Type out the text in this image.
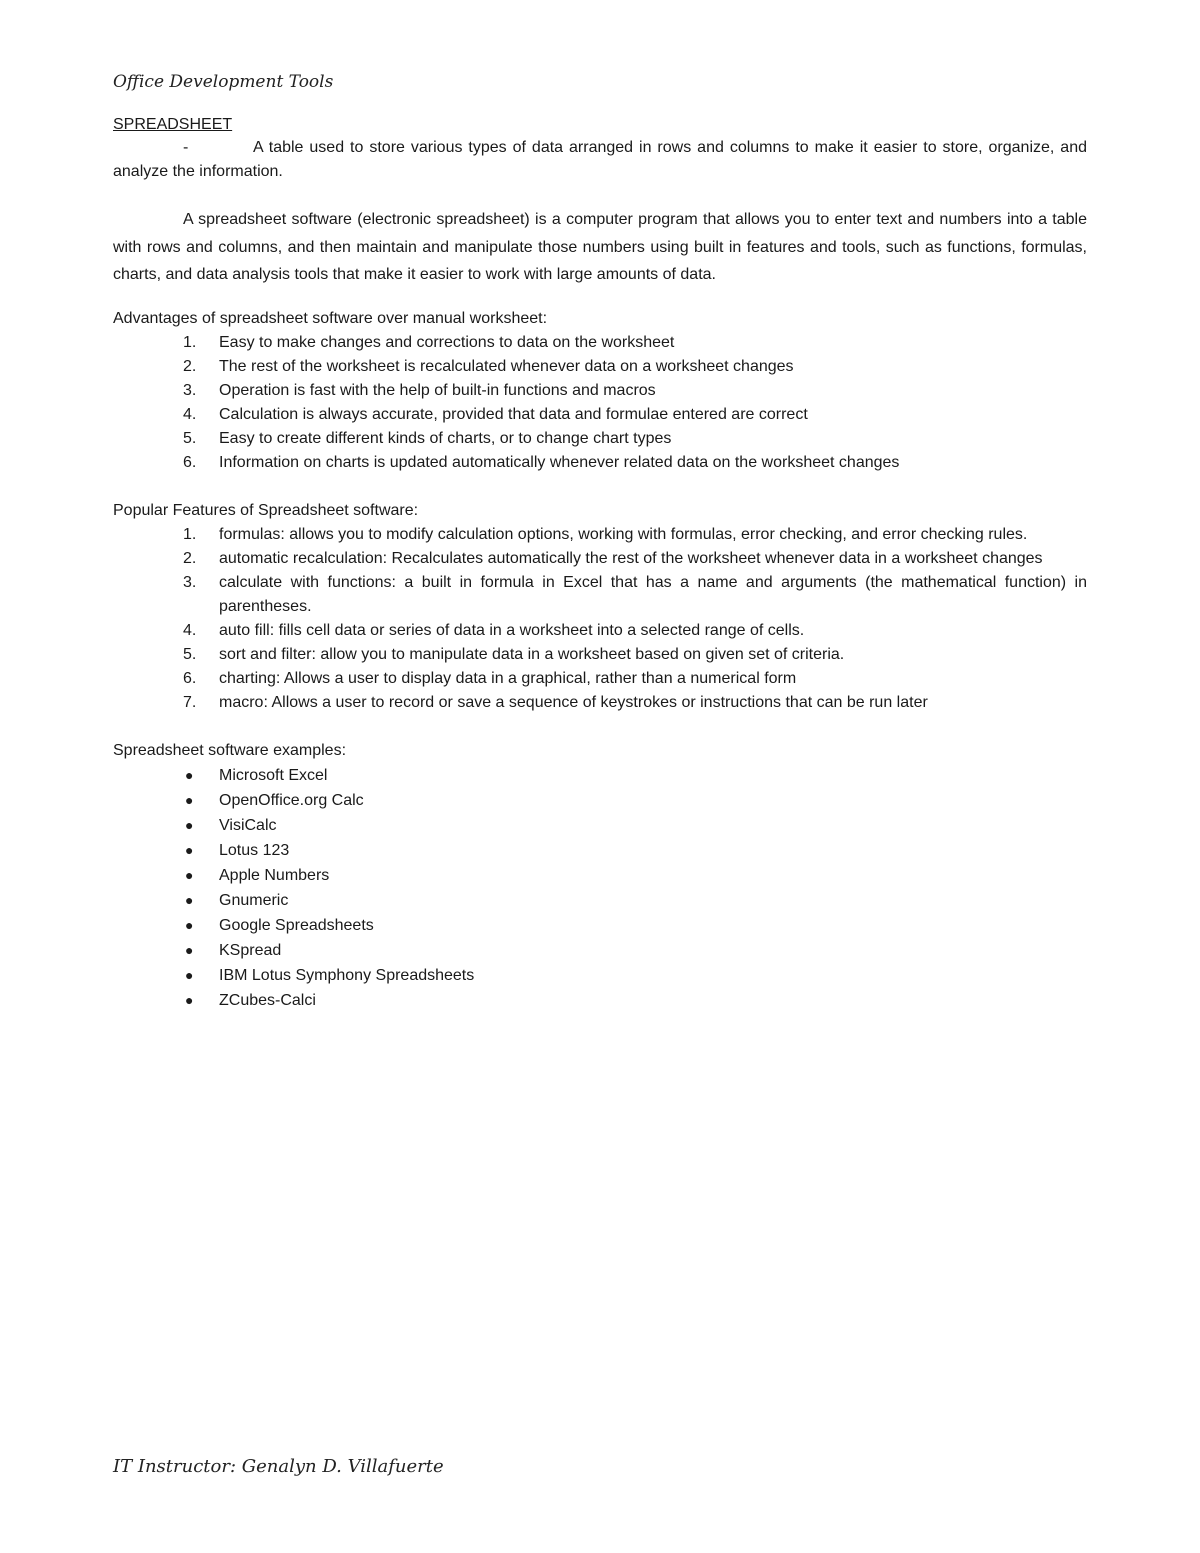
Office Development Tools
SPREADSHEET
-	A table used to store various types of data arranged in rows and columns to make it easier to store, organize, and analyze the information.
A spreadsheet software (electronic spreadsheet) is a computer program that allows you to enter text and numbers into a table with rows and columns, and then maintain and manipulate those numbers using built in features and tools, such as functions, formulas, charts, and data analysis tools that make it easier to work with large amounts of data.
Advantages of spreadsheet software over manual worksheet:
1.	Easy to make changes and corrections to data on the worksheet
2.	The rest of the worksheet is recalculated whenever data on a worksheet changes
3.	Operation is fast with the help of built-in functions and macros
4.	Calculation is always accurate, provided that data and formulae entered are correct
5.	Easy to create different kinds of charts, or to change chart types
6.	Information on charts is updated automatically whenever related data on the worksheet changes
Popular Features of Spreadsheet software:
1.	formulas: allows you to modify calculation options, working with formulas, error checking, and error checking rules.
2.	automatic recalculation: Recalculates automatically the rest of the worksheet whenever data in a worksheet changes
3.	calculate with functions: a built in formula in Excel that has a name and arguments (the mathematical function) in parentheses.
4.	auto fill: fills cell data or series of data in a worksheet into a selected range of cells.
5.	sort and filter: allow you to manipulate data in a worksheet based on given set of criteria.
6.	charting: Allows a user to display data in a graphical, rather than a numerical form
7.	macro: Allows a user to record or save a sequence of keystrokes or instructions that can be run later
Spreadsheet software examples:
● Microsoft Excel
● OpenOffice.org Calc
● VisiCalc
● Lotus 123
● Apple Numbers
● Gnumeric
● Google Spreadsheets
● KSpread
● IBM Lotus Symphony Spreadsheets
● ZCubes-Calci
IT Instructor: Genalyn D. Villafuerte
